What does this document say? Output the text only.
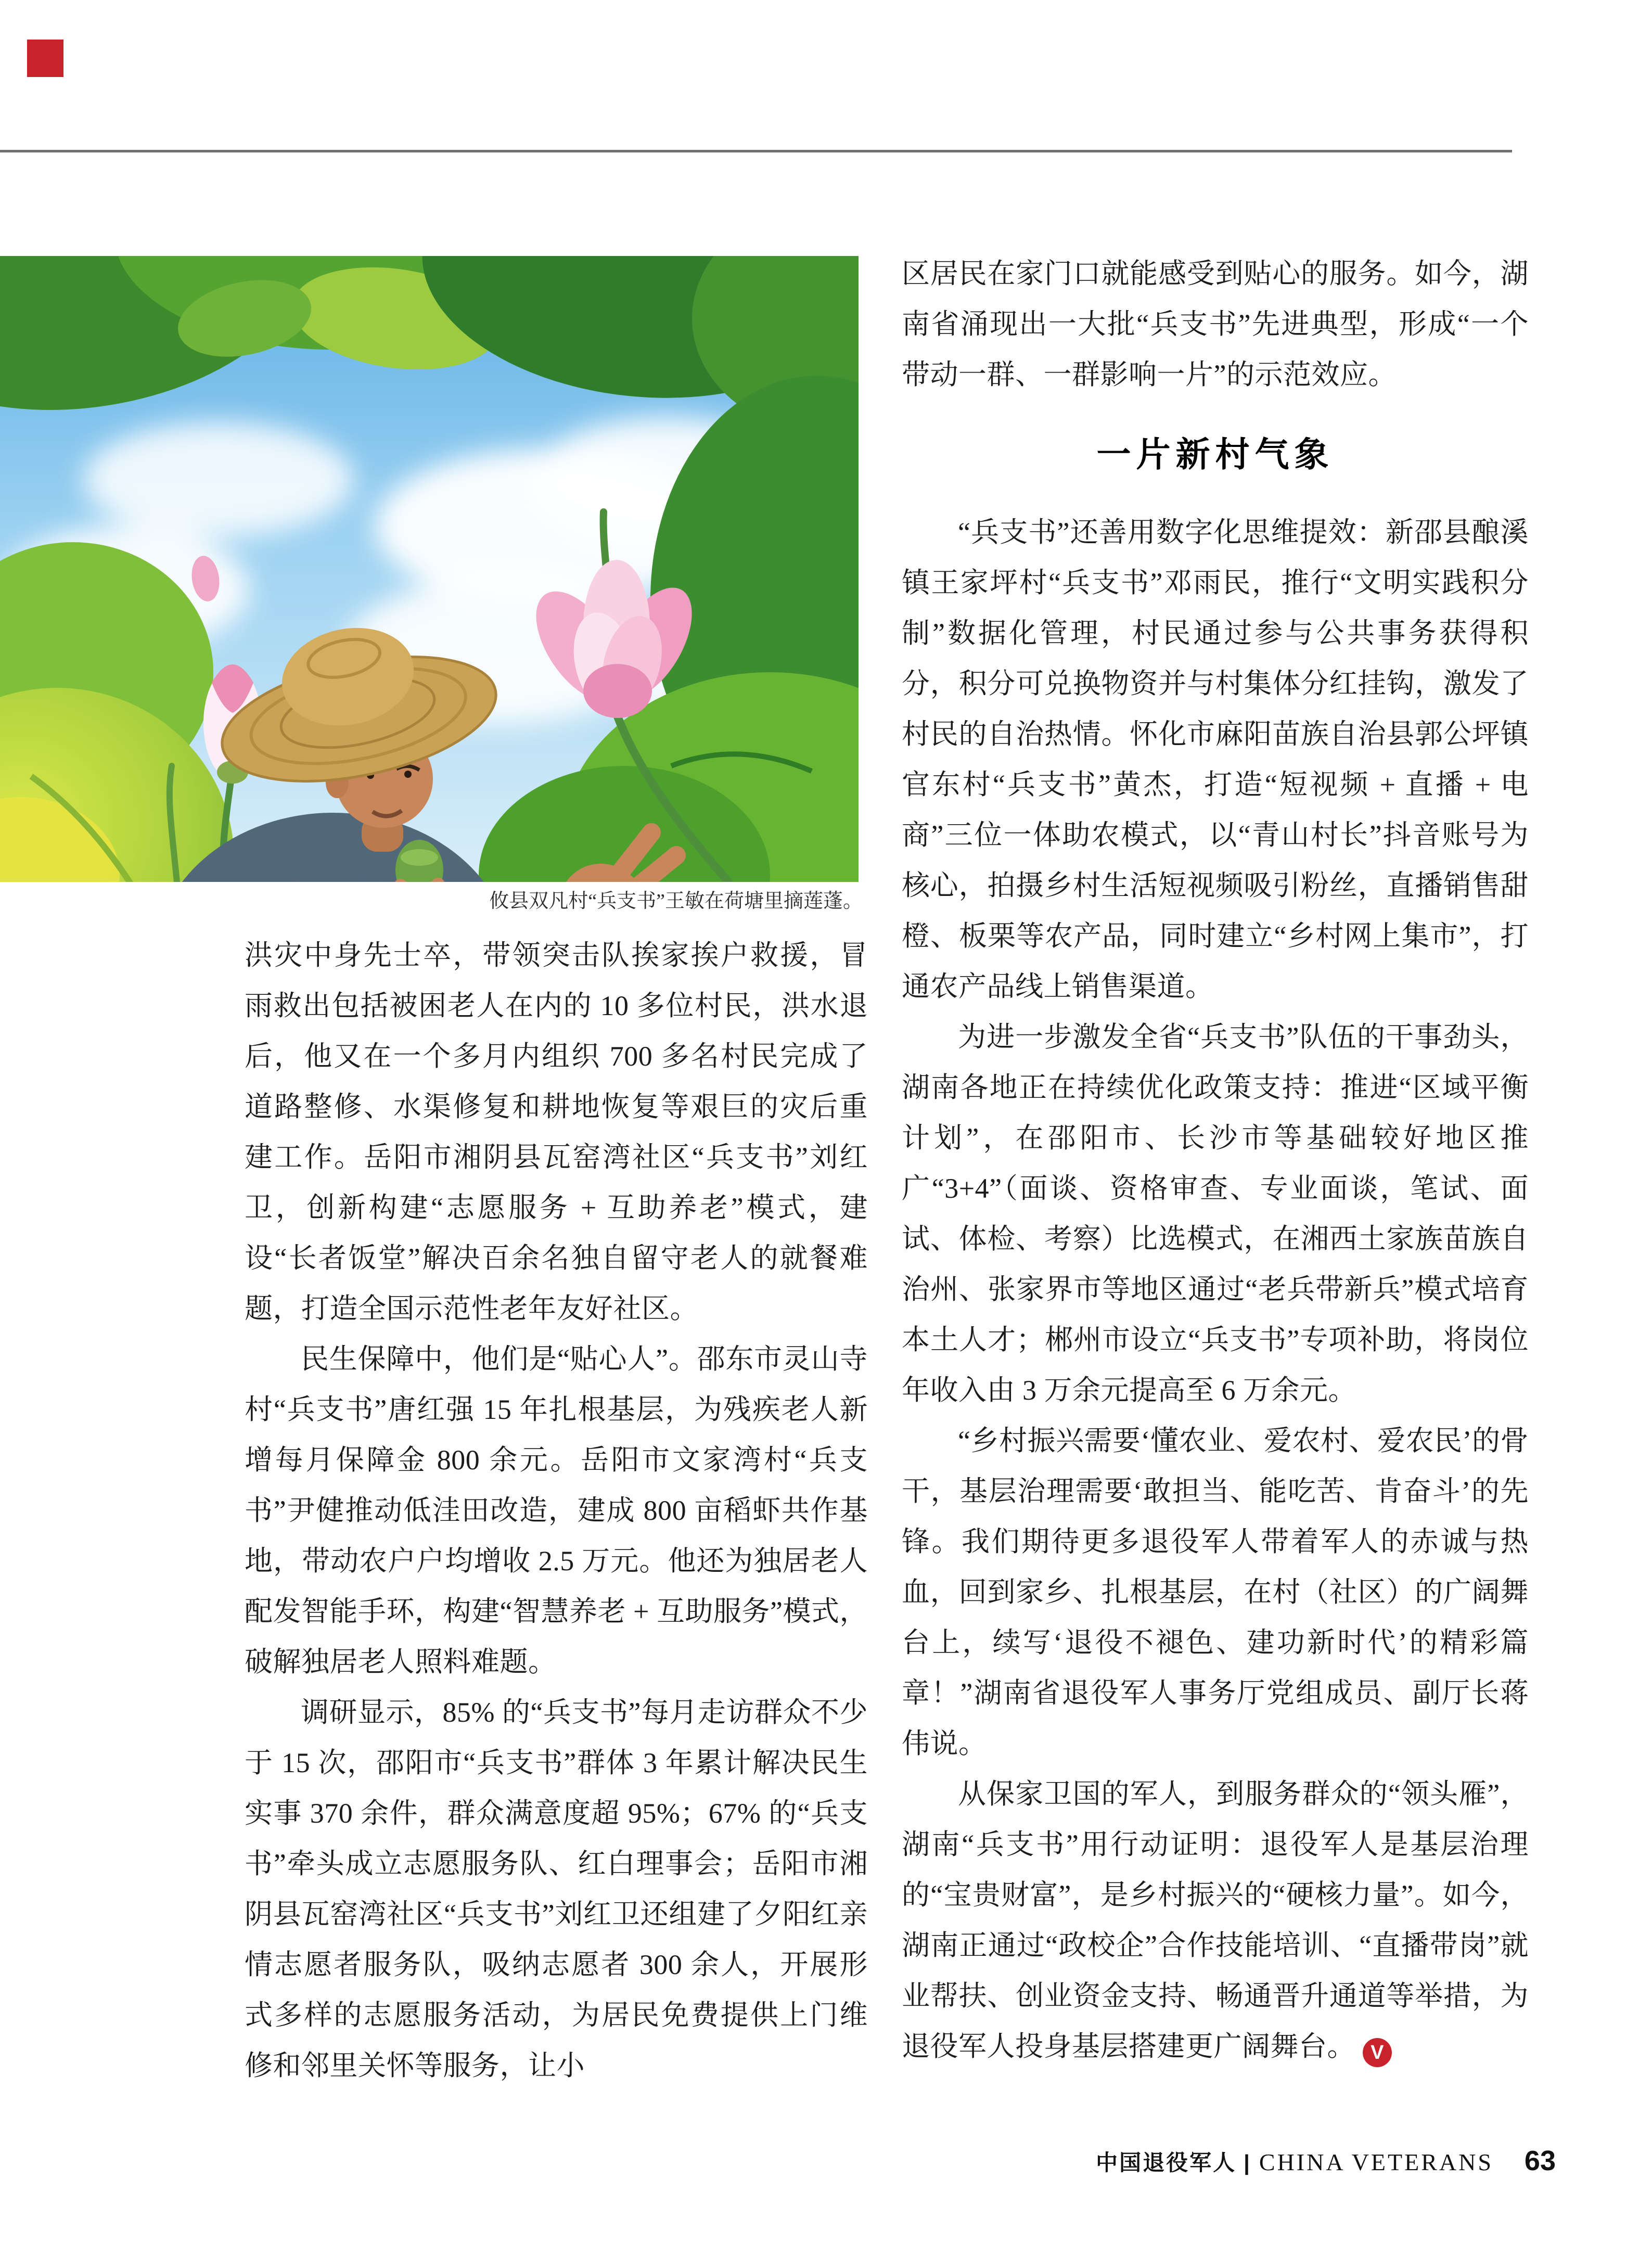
攸县双凡村“兵支书”王敏在荷塘里摘莲蓬。

洪灾中身先士卒，带领突击队挨家挨户救援，冒雨救出包括被困老人在内的 10 多位村民，洪水退后，他又在一个多月内组织 700 多名村民完成了道路整修、水渠修复和耕地恢复等艰巨的灾后重建工作。岳阳市湘阴县瓦窑湾社区“兵支书”刘红卫，创新构建“志愿服务 + 互助养老”模式，建设“长者饭堂”解决百余名独自留守老人的就餐难题，打造全国示范性老年友好社区。

民生保障中，他们是“贴心人”。邵东市灵山寺村“兵支书”唐红强 15 年扎根基层，为残疾老人新增每月保障金 800 余元。岳阳市文家湾村“兵支书”尹健推动低洼田改造，建成 800 亩稻虾共作基地，带动农户户均增收 2.5 万元。他还为独居老人配发智能手环，构建“智慧养老 + 互助服务”模式，破解独居老人照料难题。

调研显示，85% 的“兵支书”每月走访群众不少于 15 次，邵阳市“兵支书”群体 3 年累计解决民生实事 370 余件，群众满意度超 95%；67% 的“兵支书”牵头成立志愿服务队、红白理事会；岳阳市湘阴县瓦窑湾社区“兵支书”刘红卫还组建了夕阳红亲情志愿者服务队，吸纳志愿者 300 余人，开展形式多样的志愿服务活动，为居民免费提供上门维修和邻里关怀等服务，让小

区居民在家门口就能感受到贴心的服务。如今，湖南省涌现出一大批“兵支书”先进典型，形成“一个带动一群、一群影响一片”的示范效应。

一片新村气象

“兵支书”还善用数字化思维提效：新邵县酿溪镇王家坪村“兵支书”邓雨民，推行“文明实践积分制”数据化管理，村民通过参与公共事务获得积分，积分可兑换物资并与村集体分红挂钩，激发了村民的自治热情。怀化市麻阳苗族自治县郭公坪镇官东村“兵支书”黄杰，打造“短视频 + 直播 + 电商”三位一体助农模式，以“青山村长”抖音账号为核心，拍摄乡村生活短视频吸引粉丝，直播销售甜橙、板栗等农产品，同时建立“乡村网上集市”，打通农产品线上销售渠道。

为进一步激发全省“兵支书”队伍的干事劲头，湖南各地正在持续优化政策支持：推进“区域平衡计划”，在邵阳市、长沙市等基础较好地区推广“3+4”（面谈、资格审查、专业面谈，笔试、面试、体检、考察）比选模式，在湘西土家族苗族自治州、张家界市等地区通过“老兵带新兵”模式培育本土人才；郴州市设立“兵支书”专项补助，将岗位年收入由 3 万余元提高至 6 万余元。

“乡村振兴需要‘懂农业、爱农村、爱农民’的骨干，基层治理需要‘敢担当、能吃苦、肯奋斗’的先锋。我们期待更多退役军人带着军人的赤诚与热血，回到家乡、扎根基层，在村（社区）的广阔舞台上，续写‘退役不褪色、建功新时代’的精彩篇章！”湖南省退役军人事务厅党组成员、副厅长蒋伟说。

从保家卫国的军人，到服务群众的“领头雁”，湖南“兵支书”用行动证明：退役军人是基层治理的“宝贵财富”，是乡村振兴的“硬核力量”。如今，湖南正通过“政校企”合作技能培训、“直播带岗”就业帮扶、创业资金支持、畅通晋升通道等举措，为退役军人投身基层搭建更广阔舞台。 V

中国退役军人 | CHINA VETERANS 63
